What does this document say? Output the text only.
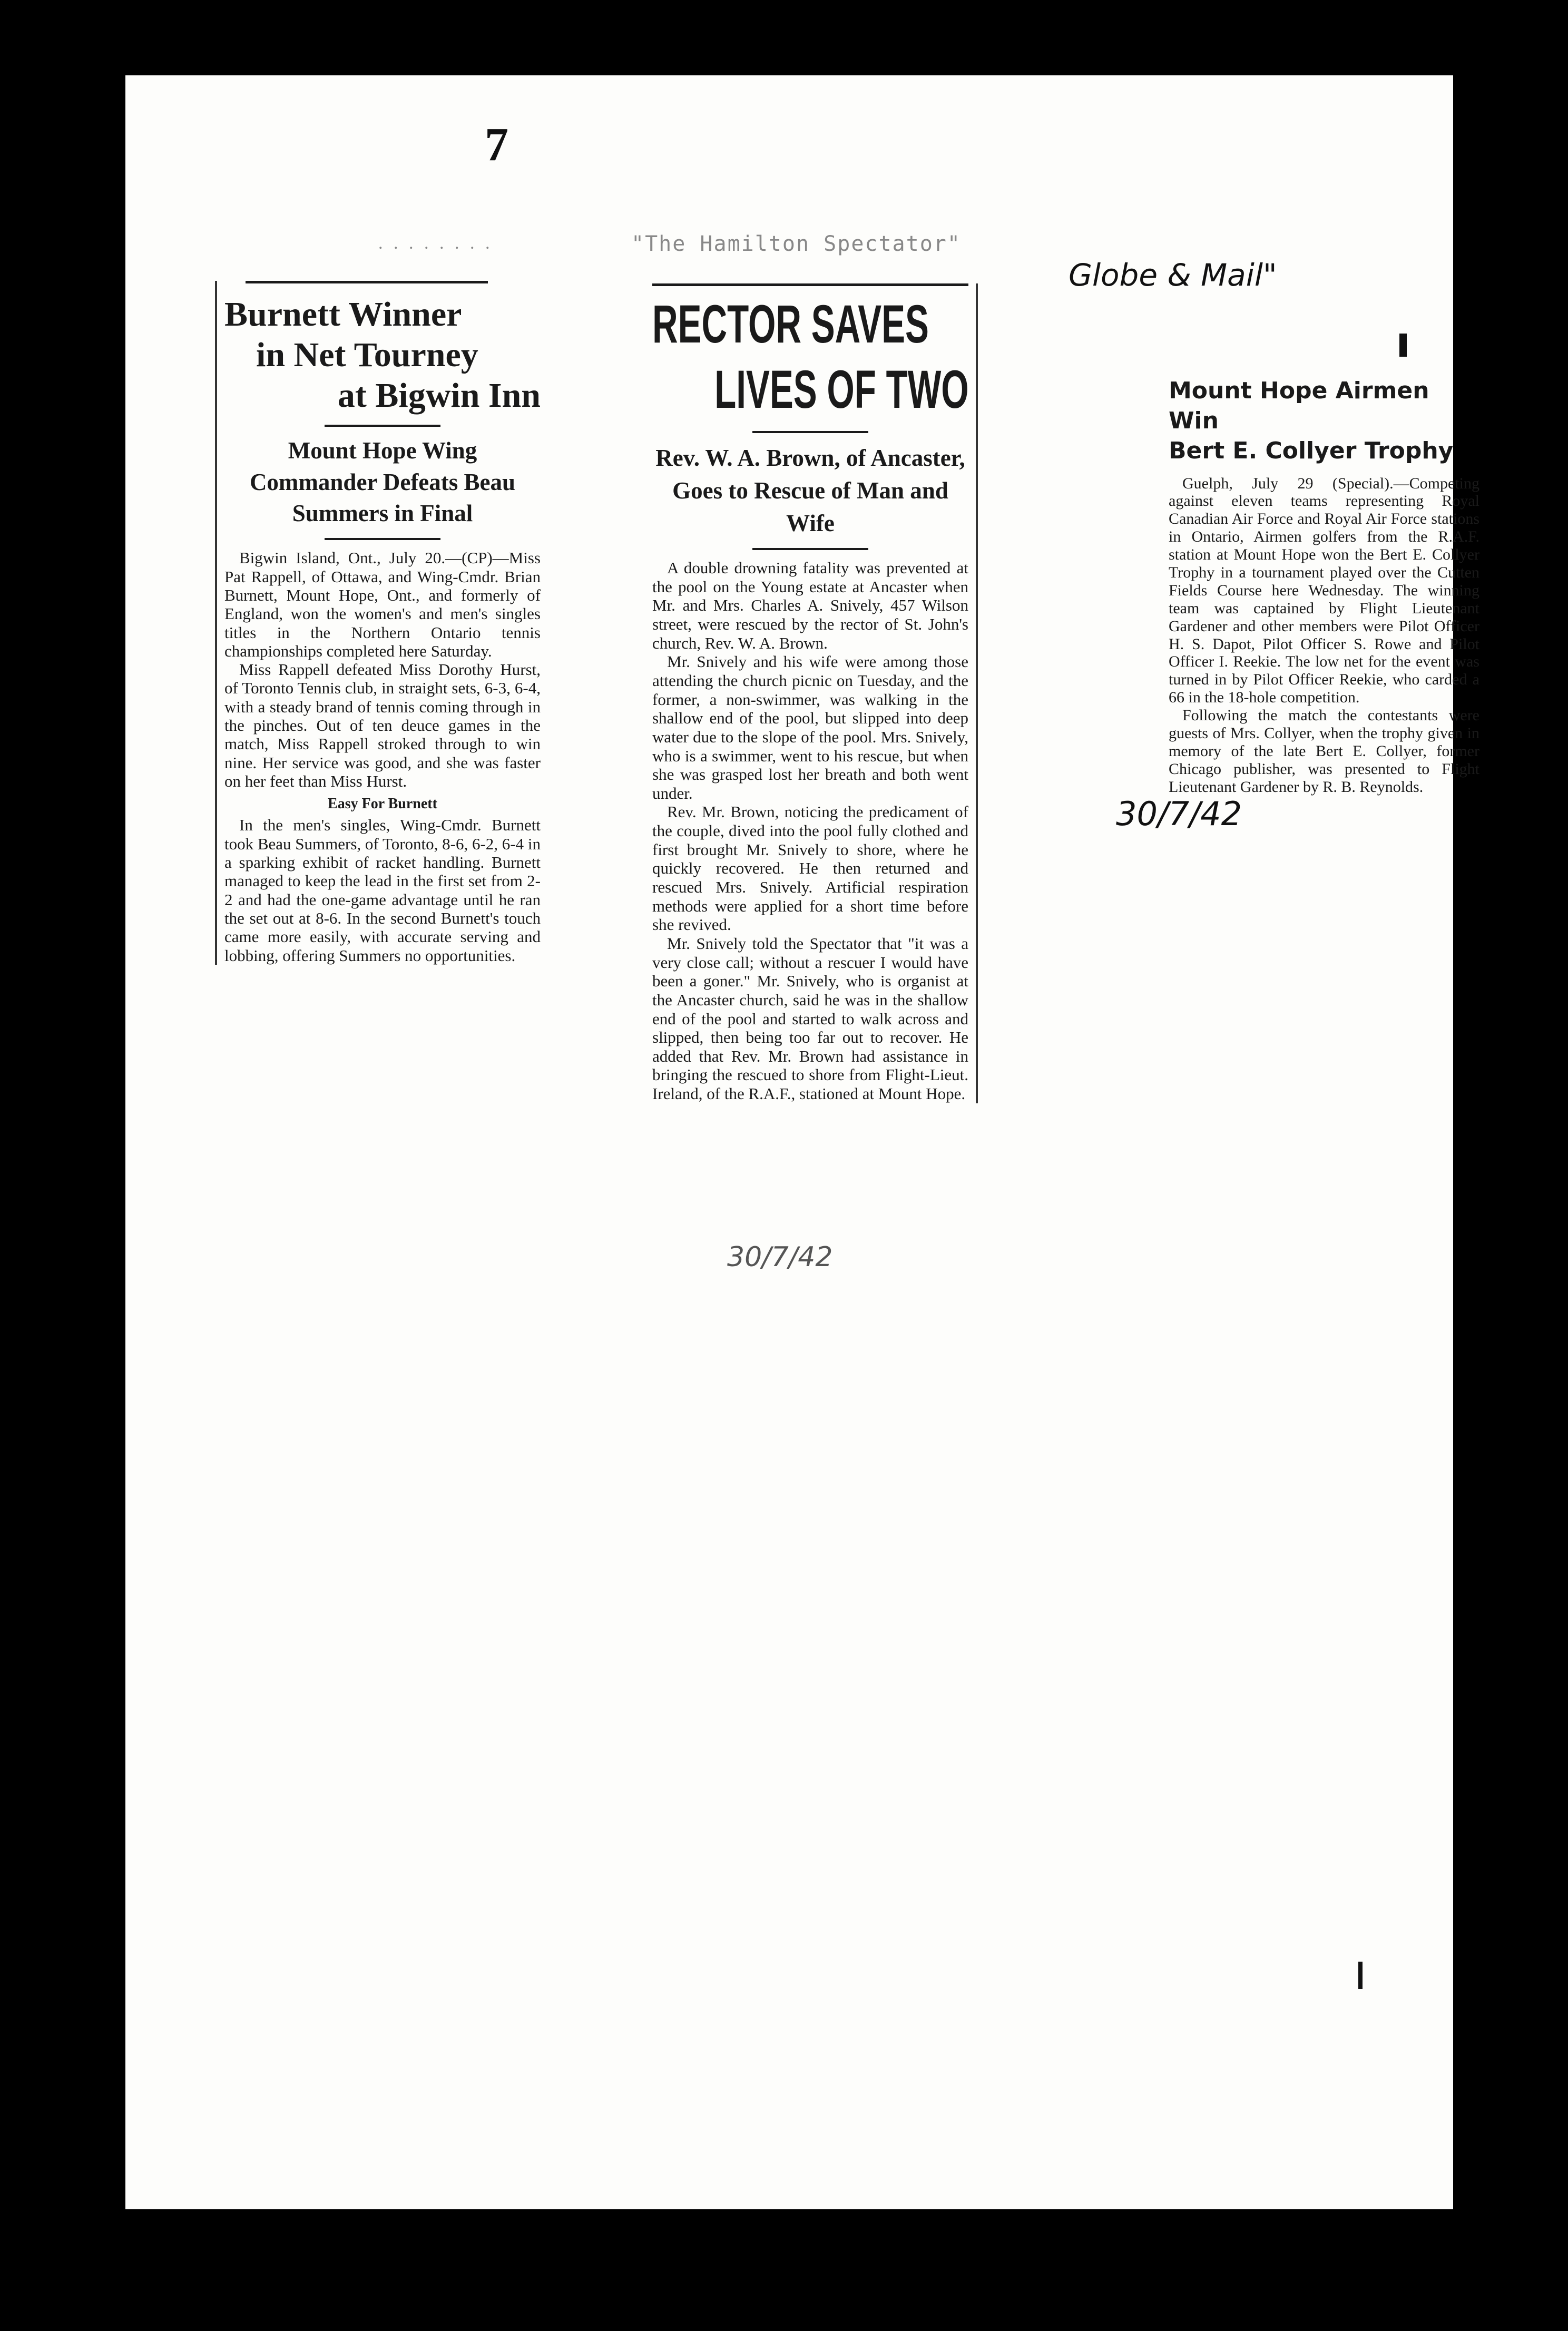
7
. . . . . . . .	"The Hamilton Spectator"
Globe & Mail"
Burnett Winner
in Net Tourney
at Bigwin Inn
Mount Hope Wing Commander Defeats Beau Summers in Final

Bigwin Island, Ont., July 20.—(CP)—Miss Pat Rappell, of Ottawa, and Wing-Cmdr. Brian Burnett, Mount Hope, Ont., and formerly of England, won the women's and men's singles titles in the Northern Ontario tennis championships completed here Saturday.

Miss Rappell defeated Miss Dorothy Hurst, of Toronto Tennis club, in straight sets, 6-3, 6-4, with a steady brand of tennis coming through in the pinches. Out of ten deuce games in the match, Miss Rappell stroked through to win nine. Her service was good, and she was faster on her feet than Miss Hurst.

Easy For Burnett

In the men's singles, Wing-Cmdr. Burnett took Beau Summers, of Toronto, 8-6, 6-2, 6-4 in a sparking exhibit of racket handling. Burnett managed to keep the lead in the first set from 2-2 and had the one-game advantage until he ran the set out at 8-6. In the second Burnett's touch came more easily, with accurate serving and lobbing, offering Summers no opportunities.

RECTOR SAVES
LIVES OF TWO
Rev. W. A. Brown, of Ancaster, Goes to Rescue of Man and Wife

A double drowning fatality was prevented at the pool on the Young estate at Ancaster when Mr. and Mrs. Charles A. Snively, 457 Wilson street, were rescued by the rector of St. John's church, Rev. W. A. Brown.

Mr. Snively and his wife were among those attending the church picnic on Tuesday, and the former, a non-swimmer, was walking in the shallow end of the pool, but slipped into deep water due to the slope of the pool. Mrs. Snively, who is a swimmer, went to his rescue, but when she was grasped lost her breath and both went under.

Rev. Mr. Brown, noticing the predicament of the couple, dived into the pool fully clothed and first brought Mr. Snively to shore, where he quickly recovered. He then returned and rescued Mrs. Snively. Artificial respiration methods were applied for a short time before she revived.

Mr. Snively told the Spectator that "it was a very close call; without a rescuer I would have been a goner." Mr. Snively, who is organist at the Ancaster church, said he was in the shallow end of the pool and started to walk across and slipped, then being too far out to recover. He added that Rev. Mr. Brown had assistance in bringing the rescued to shore from Flight-Lieut. Ireland, of the R.A.F., stationed at Mount Hope.

30/7/42
Mount Hope Airmen Win
Bert E. Collyer Trophy

Guelph, July 29 (Special).—Competing against eleven teams representing Royal Canadian Air Force and Royal Air Force stations in Ontario, Airmen golfers from the R.A.F. station at Mount Hope won the Bert E. Collyer Trophy in a tournament played over the Cutten Fields Course here Wednesday. The winning team was captained by Flight Lieutenant Gardener and other members were Pilot Officer H. S. Dapot, Pilot Officer S. Rowe and Pilot Officer I. Reekie. The low net for the event was turned in by Pilot Officer Reekie, who carded a 66 in the 18-hole competition.

Following the match the contestants were guests of Mrs. Collyer, when the trophy given in memory of the late Bert E. Collyer, former Chicago publisher, was presented to Flight Lieutenant Gardener by R. B. Reynolds.

30/7/42
